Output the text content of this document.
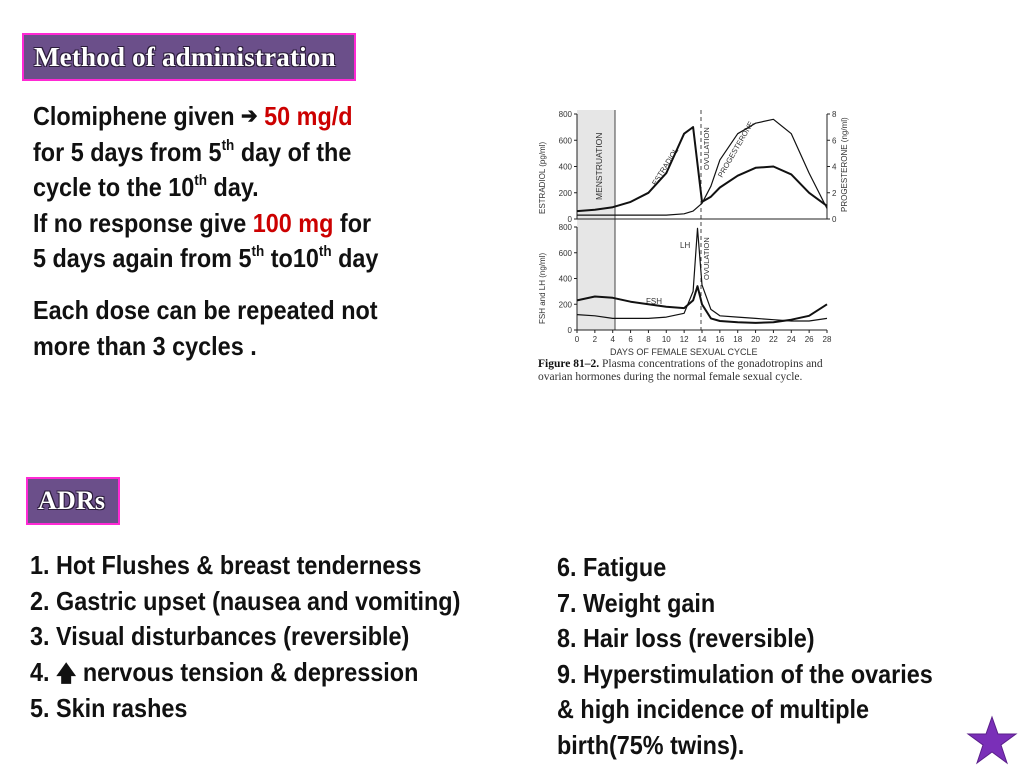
Method of administration
Clomiphene given ➔ 50 mg/d
for 5 days from 5th day of the
cycle to the 10th day.
If no response give 100 mg for
5 days again from 5th to10th day
Each dose can be repeated not
more than 3 cycles .
MENSTRUATION	OVULATION
OVULATION
ESTRADIOL	PROGESTERONE
LH
FSH
ESTRADIOL (pg/ml)	PROGESTERONE (ng/ml)
FSH and LH (ng/ml)
DAYS OF FEMALE SEXUAL CYCLE
800
600
400
200
0
8
6
4
2
0
800
600
400
200
0
0 2 4 6 8 10 12 14 16 18 20 22 24 26 28
Figure 81–2. Plasma concentrations of the gonadotropins and ovarian hormones during the normal female sexual cycle.
ADRs
1. Hot Flushes & breast tenderness
2. Gastric upset (nausea and vomiting)
3. Visual disturbances (reversible)
4. 🡅 nervous tension & depression
5. Skin rashes
6. Fatigue
7. Weight gain
8. Hair loss (reversible)
9. Hyperstimulation of the ovaries & high incidence of multiple birth(75% twins).
